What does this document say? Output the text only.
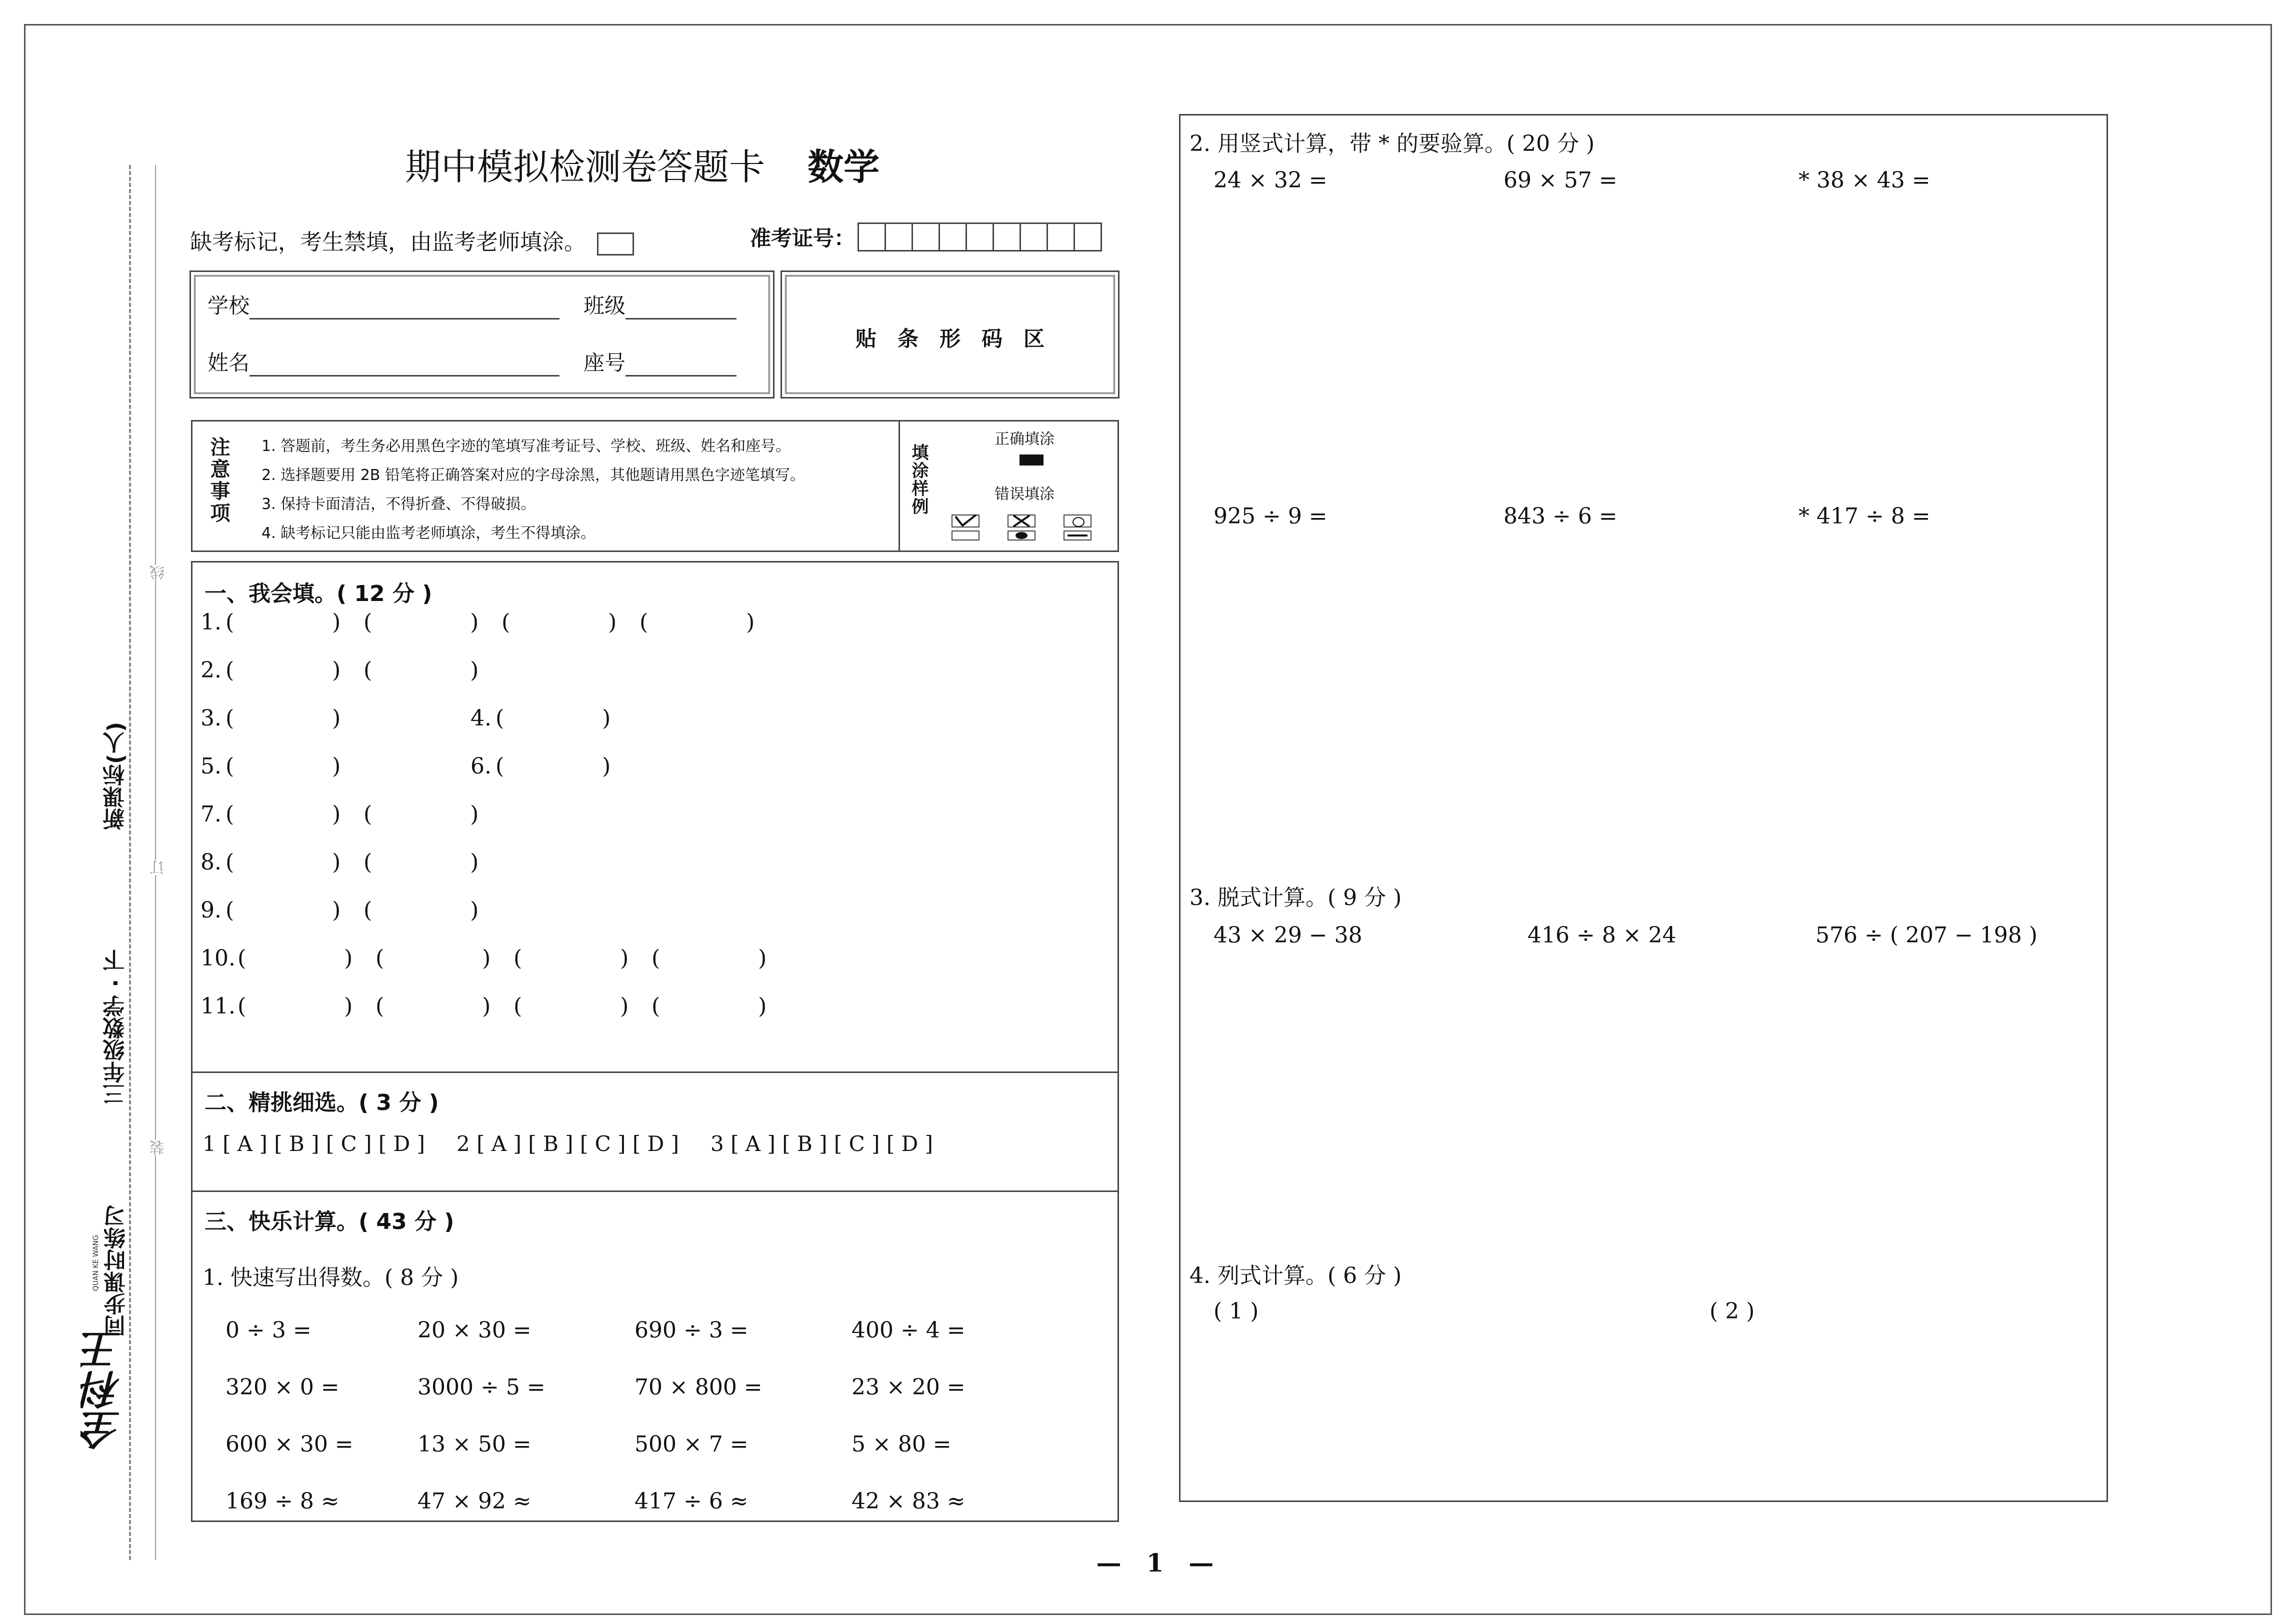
新课标(人)
三年级数学 · 下
线
订
装
全科王
同步课时练习
QUAN KE WANG
期中模拟检测卷答题卡 数学
缺考标记，考生禁填，由监考老师填涂。	准考证号：
学校	班级
姓名	座号
贴　条　形　码　区
注意事项 1. 答题前，考生务必用黑色字迹的笔填写准考证号、学校、班级、姓名和座号。
2. 选择题要用 2B 铅笔将正确答案对应的字母涂黑，其他题请用黑色字迹笔填写。
3. 保持卡面清洁，不得折叠、不得破损。
4. 缺考标记只能由监考老师填涂，考生不得填涂。
填涂样例
正确填涂
错误填涂
一、我会填。( 12 分 )
1. (	) (	) (	) (	)
2. (	) (	)
3. (	)	4. (	)
5. (	)	6. (	)
7. (	) (	)
8. (	) (	)
9. (	) (	)
10. (	) (	) (	) (	)
11. (	) (	) (	) (	)
二、精挑细选。( 3 分 )
1 [ A ] [ B ] [ C ] [ D ] 2 [ A ] [ B ] [ C ] [ D ] 3 [ A ] [ B ] [ C ] [ D ]
三、快乐计算。( 43 分 )
1. 快速写出得数。( 8 分 )
0 ÷ 3 =	20 × 30 =	690 ÷ 3 =	400 ÷ 4 =
320 × 0 =	3000 ÷ 5 =	70 × 800 =	23 × 20 =
600 × 30 =	13 × 50 =	500 × 7 =	5 × 80 =
169 ÷ 8 ≈	47 × 92 ≈	417 ÷ 6 ≈	42 × 83 ≈
2. 用竖式计算，带 * 的要验算。( 20 分 )
24 × 32 =	69 × 57 =	* 38 × 43 =
925 ÷ 9 =	843 ÷ 6 =	* 417 ÷ 8 =
3. 脱式计算。( 9 分 )
43 × 29 − 38	416 ÷ 8 × 24	576 ÷ ( 207 − 198 )
4. 列式计算。( 6 分 )
( 1 )	( 2 )
—　1　—
